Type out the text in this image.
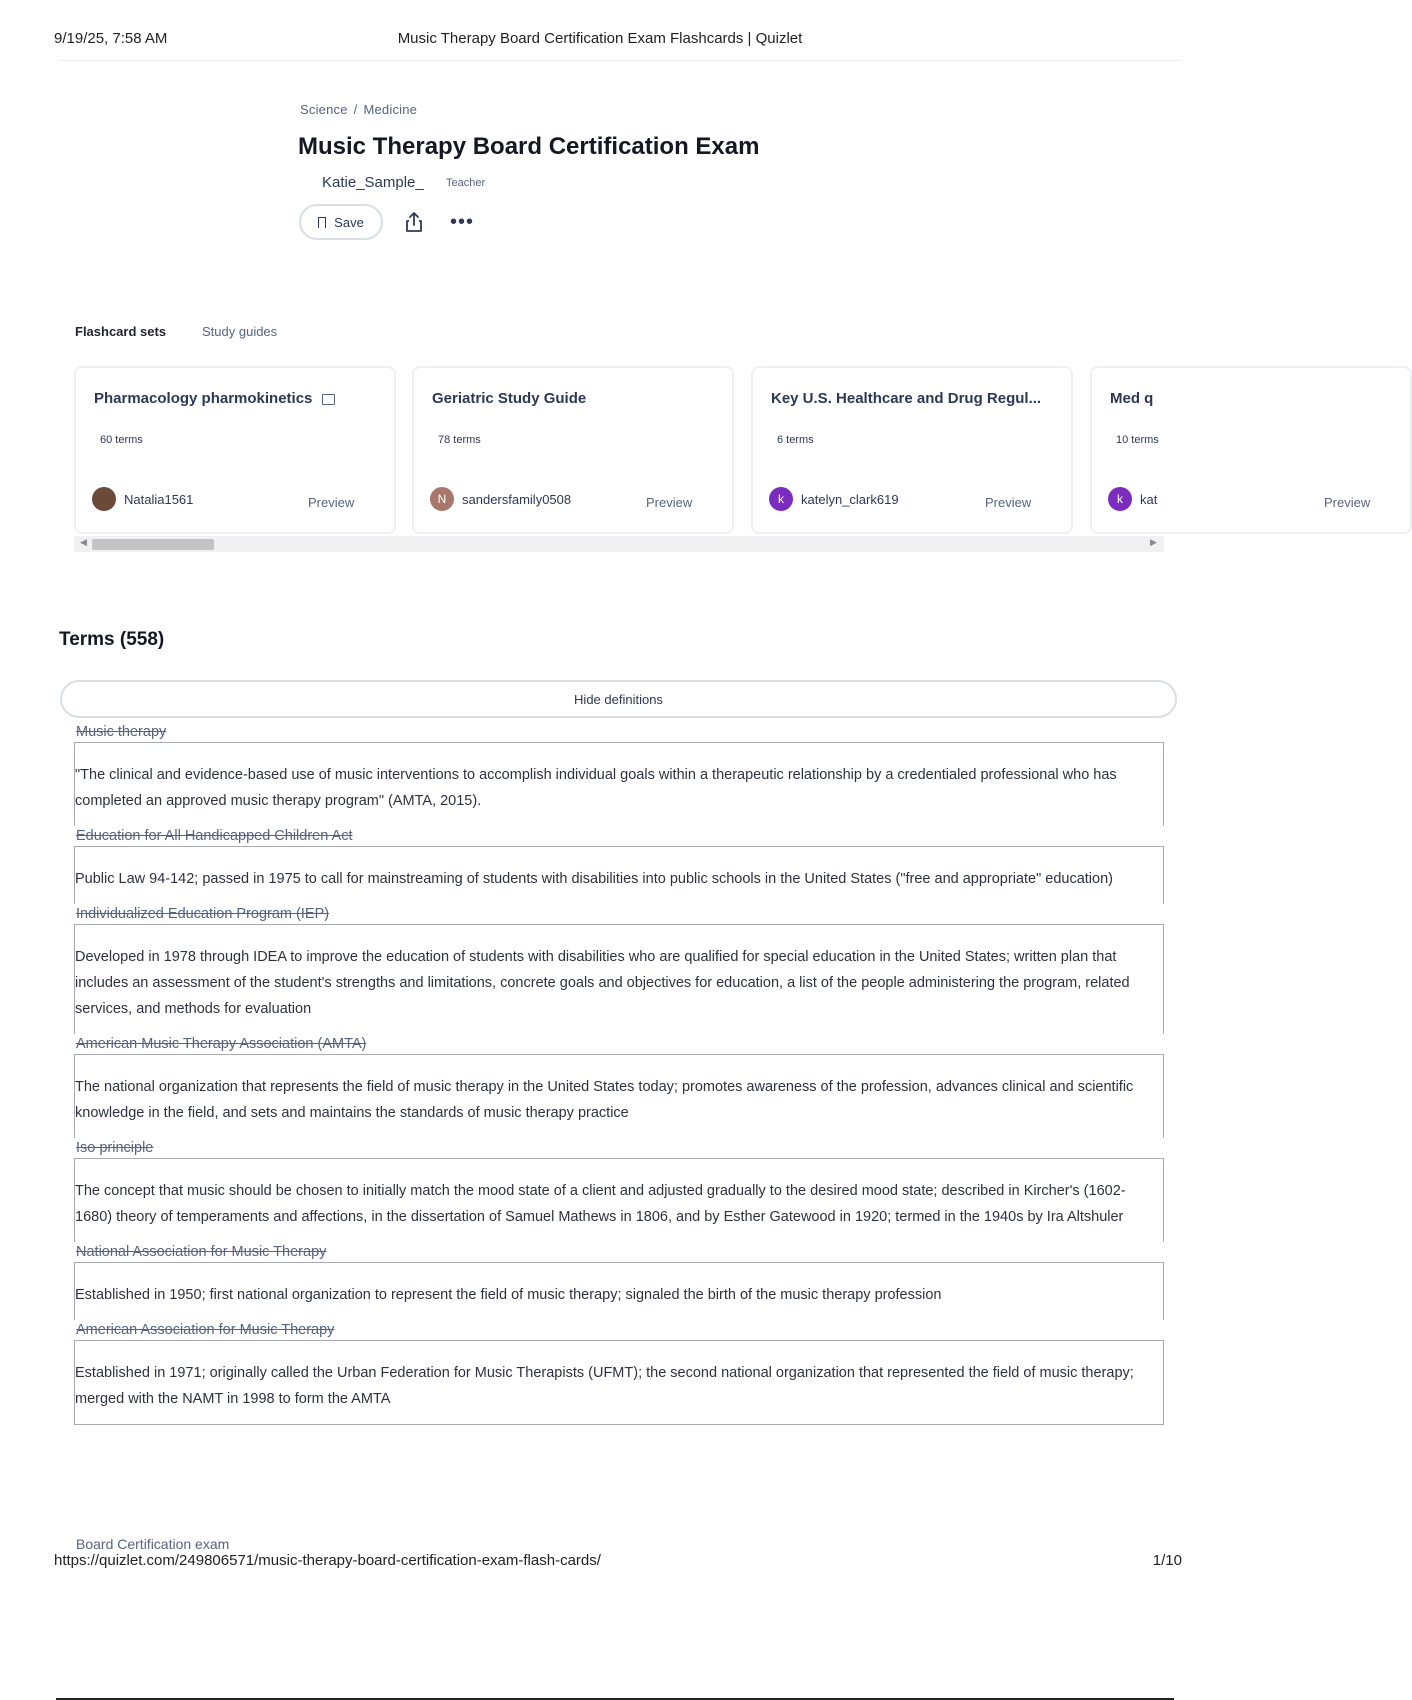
9/19/25, 7:58 AM	Music Therapy Board Certification Exam Flashcards | Quizlet
Science / Medicine
Music Therapy Board Certification Exam
Katie_Sample_ Teacher
Save	•••
Flashcard sets	Study guides
Pharmacology pharmokinetics
60 terms
Natalia1561	Preview
Geriatric Study Guide
78 terms
N	sandersfamily0508	Preview
Key U.S. Healthcare and Drug Regul...
6 terms
k	katelyn_clark619	Preview
Med q
10 terms
k	kat	Preview
◀	▶
Terms (558)
Hide definitions
Music therapy
"The clinical and evidence-based use of music interventions to accomplish individual goals within a therapeutic relationship by a credentialed professional who has completed an approved music therapy program" (AMTA, 2015).
Education for All Handicapped Children Act
Public Law 94-142; passed in 1975 to call for mainstreaming of students with disabilities into public schools in the United States ("free and appropriate" education)
Individualized Education Program (IEP)
Developed in 1978 through IDEA to improve the education of students with disabilities who are qualified for special education in the United States; written plan that includes an assessment of the student's strengths and limitations, concrete goals and objectives for education, a list of the people administering the program, related services, and methods for evaluation
American Music Therapy Association (AMTA)
The national organization that represents the field of music therapy in the United States today; promotes awareness of the profession, advances clinical and scientific knowledge in the field, and sets and maintains the standards of music therapy practice
Iso principle
The concept that music should be chosen to initially match the mood state of a client and adjusted gradually to the desired mood state; described in Kircher's (1602-1680) theory of temperaments and affections, in the dissertation of Samuel Mathews in 1806, and by Esther Gatewood in 1920; termed in the 1940s by Ira Altshuler
National Association for Music Therapy
Established in 1950; first national organization to represent the field of music therapy; signaled the birth of the music therapy profession
American Association for Music Therapy
Established in 1971; originally called the Urban Federation for Music Therapists (UFMT); the second national organization that represented the field of music therapy; merged with the NAMT in 1998 to form the AMTA
Board Certification exam
https://quizlet.com/249806571/music-therapy-board-certification-exam-flash-cards/	1/10
